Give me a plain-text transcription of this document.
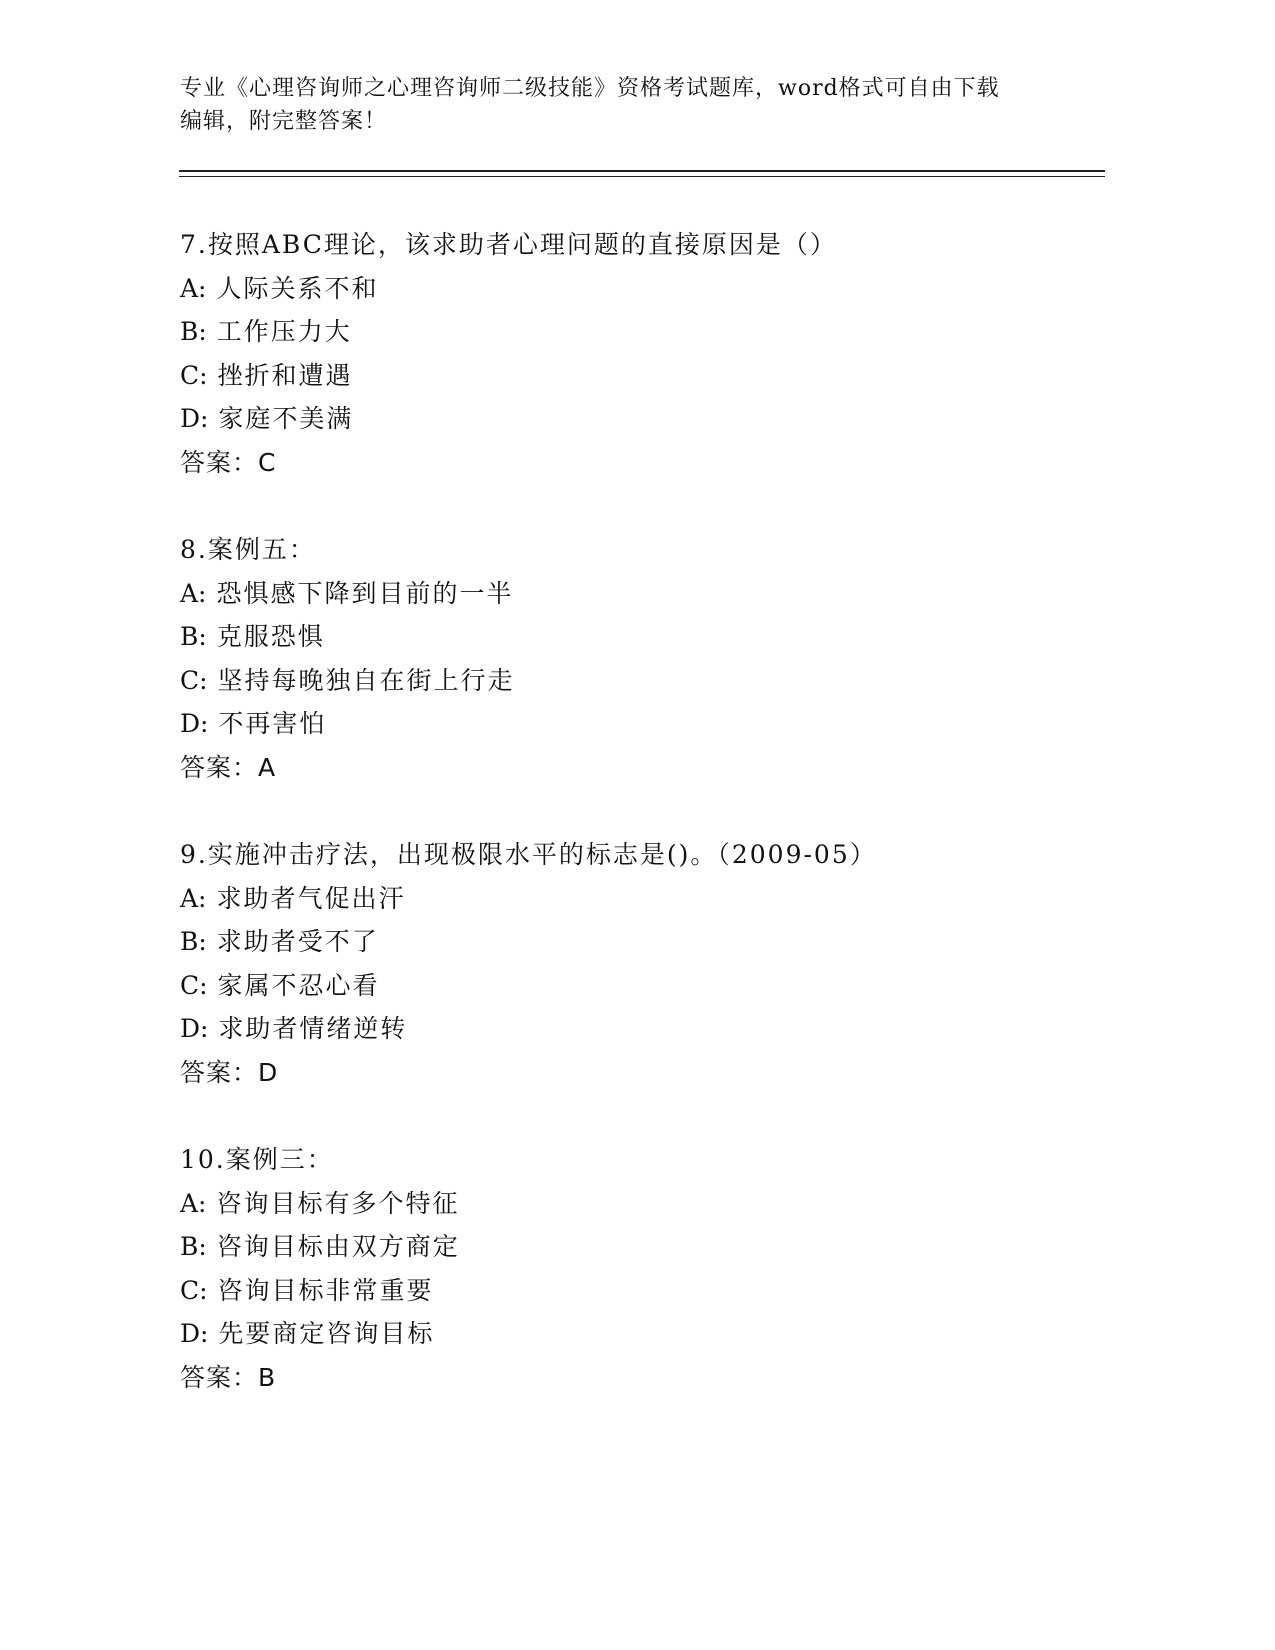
专业《心理咨询师之心理咨询师二级技能》资格考试题库，word格式可自由下载
编辑，附完整答案！
7.按照ABC理论，该求助者心理问题的直接原因是（）
A: 人际关系不和
B: 工作压力大
C: 挫折和遭遇
D: 家庭不美满
答案：C
8.案例五：
A: 恐惧感下降到目前的一半
B: 克服恐惧
C: 坚持每晚独自在街上行走
D: 不再害怕
答案：A
9.实施冲击疗法，出现极限水平的标志是()。（2009-05）
A: 求助者气促出汗
B: 求助者受不了
C: 家属不忍心看
D: 求助者情绪逆转
答案：D
10.案例三：
A: 咨询目标有多个特征
B: 咨询目标由双方商定
C: 咨询目标非常重要
D: 先要商定咨询目标
答案：B
